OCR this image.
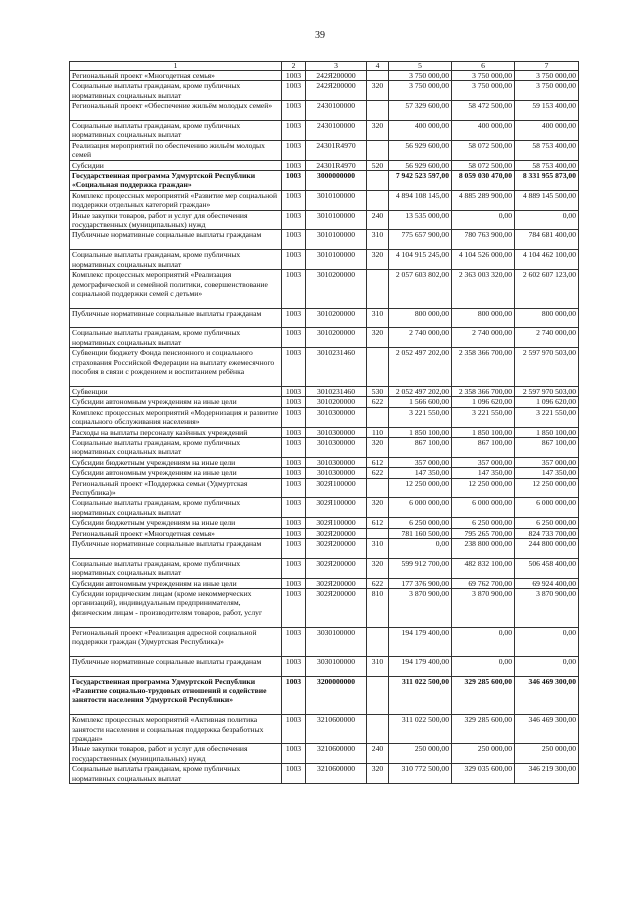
39
1	2	3	4	5	6	7
Региональный проект «Многодетная семья»	1003	242Я200000		3 750 000,00	3 750 000,00	3 750 000,00
Социальные выплаты гражданам, кроме публичных нормативных социальных выплат	1003	242Я200000	320	3 750 000,00	3 750 000,00	3 750 000,00
Региональный проект «Обеспечение жильём молодых семей»	1003	2430100000		57 329 600,00	58 472 500,00	59 153 400,00
Социальные выплаты гражданам, кроме публичных нормативных социальных выплат	1003	2430100000	320	400 000,00	400 000,00	400 000,00
Реализация мероприятий по обеспечению жильём молодых семей	1003	24301R4970		56 929 600,00	58 072 500,00	58 753 400,00
Субсидии	1003	24301R4970	520	56 929 600,00	58 072 500,00	58 753 400,00
Государственная программа Удмуртской Республики «Социальная поддержка граждан»	1003	3000000000		7 942 523 597,00	8 059 030 470,00	8 331 955 873,00
Комплекс процессных мероприятий «Развитие мер социальной поддержки отдельных категорий граждан»	1003	3010100000		4 894 108 145,00	4 885 289 900,00	4 889 145 500,00
Иные закупки товаров, работ и услуг для обеспечения государственных (муниципальных) нужд	1003	3010100000	240	13 535 000,00	0,00	0,00
Публичные нормативные социальные выплаты гражданам	1003	3010100000	310	775 657 900,00	780 763 900,00	784 681 400,00
Социальные выплаты гражданам, кроме публичных нормативных социальных выплат	1003	3010100000	320	4 104 915 245,00	4 104 526 000,00	4 104 462 100,00
Комплекс процессных мероприятий «Реализация демографической и семейной политики, совершенствование социальной поддержки семей с детьми»	1003	3010200000		2 057 603 802,00	2 363 003 320,00	2 602 607 123,00
Публичные нормативные социальные выплаты гражданам	1003	3010200000	310	800 000,00	800 000,00	800 000,00
Социальные выплаты гражданам, кроме публичных нормативных социальных выплат	1003	3010200000	320	2 740 000,00	2 740 000,00	2 740 000,00
Субвенции бюджету Фонда пенсионного и социального страхования Российской Федерации на выплату ежемесячного пособия в связи с рождением и воспитанием ребёнка	1003	3010231460		2 052 497 202,00	2 358 366 700,00	2 597 970 503,00
Субвенции	1003	3010231460	530	2 052 497 202,00	2 358 366 700,00	2 597 970 503,00
Субсидии автономным учреждениям на иные цели	1003	3010200000	622	1 566 600,00	1 096 620,00	1 096 620,00
Комплекс процессных мероприятий «Модернизация и развитие социального обслуживания населения»	1003	3010300000		3 221 550,00	3 221 550,00	3 221 550,00
Расходы на выплаты персоналу казённых учреждений	1003	3010300000	110	1 850 100,00	1 850 100,00	1 850 100,00
Социальные выплаты гражданам, кроме публичных нормативных социальных выплат	1003	3010300000	320	867 100,00	867 100,00	867 100,00
Субсидии бюджетным учреждениям на иные цели	1003	3010300000	612	357 000,00	357 000,00	357 000,00
Субсидии автономным учреждениям на иные цели	1003	3010300000	622	147 350,00	147 350,00	147 350,00
Региональный проект «Поддержка семьи (Удмуртская Республика)»	1003	302Я100000		12 250 000,00	12 250 000,00	12 250 000,00
Социальные выплаты гражданам, кроме публичных нормативных социальных выплат	1003	302Я100000	320	6 000 000,00	6 000 000,00	6 000 000,00
Субсидии бюджетным учреждениям на иные цели	1003	302Я100000	612	6 250 000,00	6 250 000,00	6 250 000,00
Региональный проект «Многодетная семья»	1003	302Я200000		781 160 500,00	795 265 700,00	824 733 700,00
Публичные нормативные социальные выплаты гражданам	1003	302Я200000	310	0,00	238 800 000,00	244 800 000,00
Социальные выплаты гражданам, кроме публичных нормативных социальных выплат	1003	302Я200000	320	599 912 700,00	482 832 100,00	506 458 400,00
Субсидии автономным учреждениям на иные цели	1003	302Я200000	622	177 376 900,00	69 762 700,00	69 924 400,00
Субсидии юридическим лицам (кроме некоммерческих организаций), индивидуальным предпринимателям, физическим лицам - производителям товаров, работ, услуг	1003	302Я200000	810	3 870 900,00	3 870 900,00	3 870 900,00
Региональный проект «Реализация адресной социальной поддержки граждан (Удмуртская Республика)»	1003	3030100000		194 179 400,00	0,00	0,00
Публичные нормативные социальные выплаты гражданам	1003	3030100000	310	194 179 400,00	0,00	0,00
Государственная программа Удмуртской Республики «Развитие социально-трудовых отношений и содействие занятости населения Удмуртской Республики»	1003	3200000000		311 022 500,00	329 285 600,00	346 469 300,00
Комплекс процессных мероприятий «Активная политика занятости населения и социальная поддержка безработных граждан»	1003	3210600000		311 022 500,00	329 285 600,00	346 469 300,00
Иные закупки товаров, работ и услуг для обеспечения государственных (муниципальных) нужд	1003	3210600000	240	250 000,00	250 000,00	250 000,00
Социальные выплаты гражданам, кроме публичных нормативных социальных выплат	1003	3210600000	320	310 772 500,00	329 035 600,00	346 219 300,00
